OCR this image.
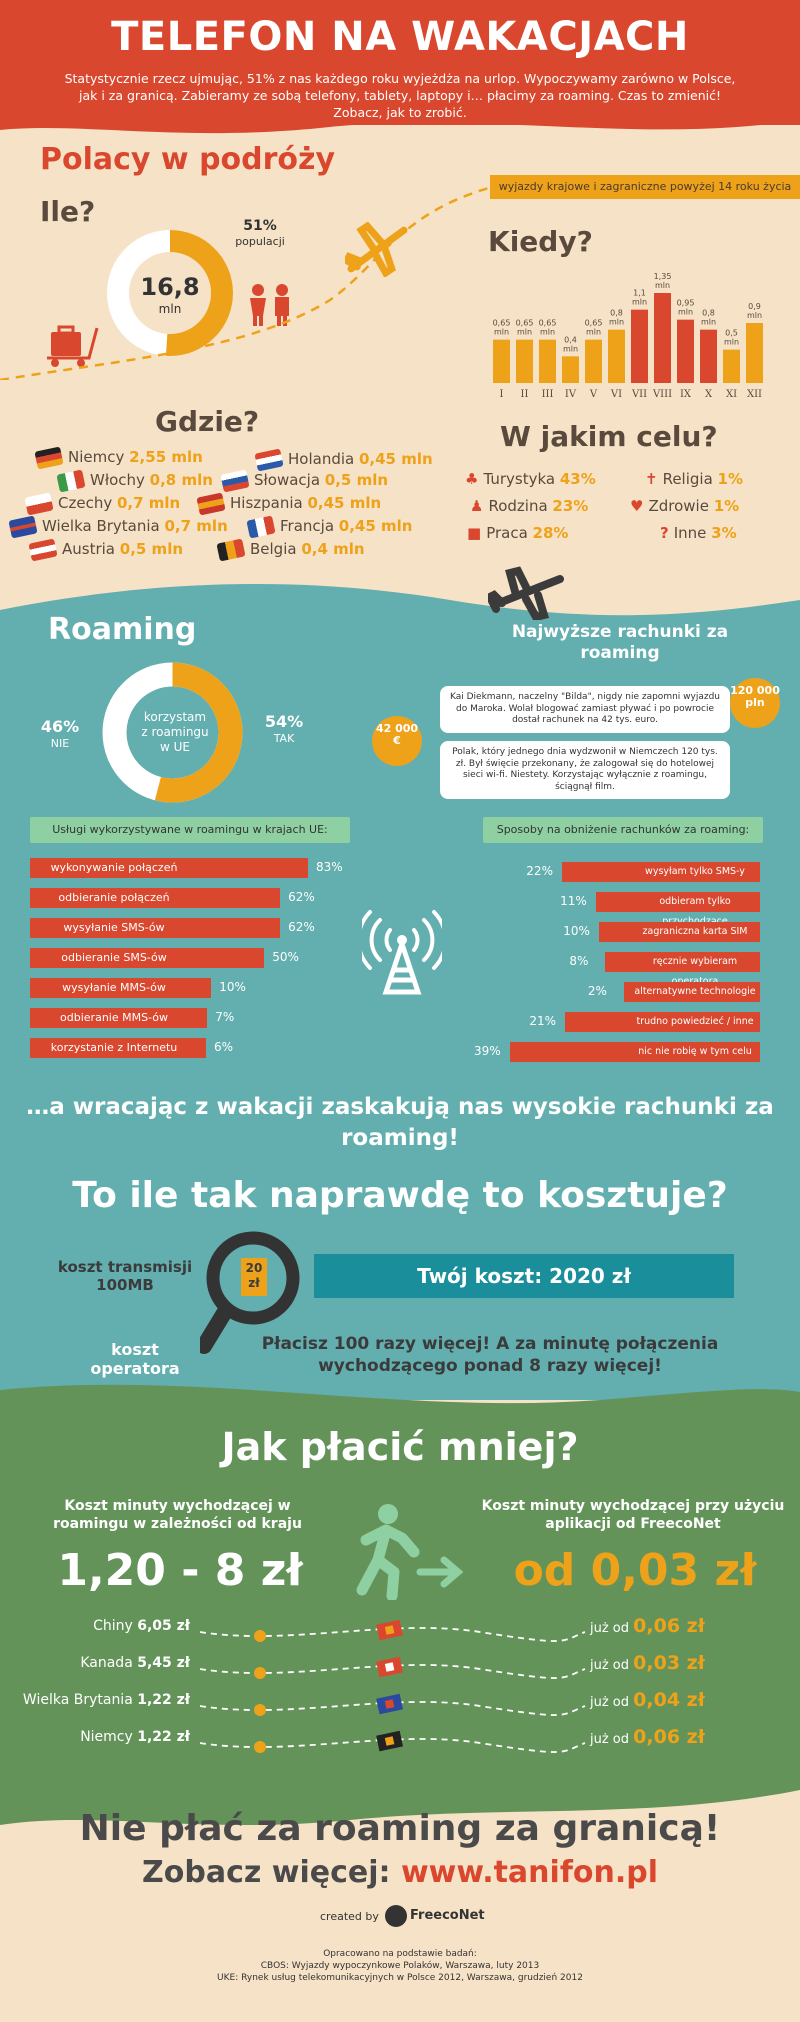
TELEFON NA WAKACJACH
Statystycznie rzecz ujmując, 51% z nas każdego roku wyjeżdża na urlop. Wypoczywamy zarówno w Polsce, jak i za granicą. Zabieramy ze sobą telefony, tablety, laptopy i… płacimy za roaming. Czas to zmienić! Zobacz, jak to zrobić.
Polacy w podróży
Ile?
16,8
mln
51%
populacji
wyjazdy krajowe i zagraniczne powyżej 14 roku życia
Kiedy?
0,65
mln
I
0,65
mln
II
0,65
mln
III
0,4
mln
IV
0,65
mln
V
0,8
mln
VI
1,1
mln
VII
1,35
mln
VIII
0,95
mln
IX
0,8
mln
X
0,5
mln
XI
0,9
mln
XII
Gdzie?
Niemcy 2,55 mln
Włochy 0,8 mln
Czechy 0,7 mln
Wielka Brytania 0,7 mln
Austria 0,5 mln
Holandia 0,45 mln
Słowacja 0,5 mln
Hiszpania 0,45 mln
Francja 0,45 mln
Belgia 0,4 mln
W jakim celu?
♣ Turystyka 43%
♟ Rodzina 23%
■ Praca 28%
✝ Religia 1%
♥ Zdrowie 1%
? Inne 3%
Roaming
korzystam z roamingu w UE
46%
NIE
54%
TAK
Najwyższe rachunki za roaming
Kai Diekmann, naczelny "Bilda", nigdy nie zapomni wyjazdu do Maroka. Wolał blogować zamiast pływać i po powrocie dostał rachunek na 42 tys. euro.
Polak, który jednego dnia wydzwonił w Niemczech 120 tys. zł. Był święcie przekonany, że zalogował się do hotelowej sieci wi-fi. Niestety. Korzystając wyłącznie z roamingu, ściągnął film.
120 000 pln
42 000 €
Usługi wykorzystywane w roamingu w krajach UE:	Sposoby na obniżenie rachunków za roaming:
wykonywanie połączeń	83%
odbieranie połączeń	62%
wysyłanie SMS-ów	62%
odbieranie SMS-ów	50%
wysyłanie MMS-ów	10%
odbieranie MMS-ów	7%
korzystanie z Internetu	6%
wysyłam tylko SMS-y
22%
odbieram tylko
11%
zagraniczna karta SIM
10%
ręcznie wybieram
8%
alternatywne technologie
2%
trudno powiedzieć / inne
21%
nic nie robię w tym celu
39%
…a wracając z wakacji zaskakują nas wysokie rachunki za roaming!
To ile tak naprawdę to kosztuje?
koszt transmisji 100MB	Twój koszt: 2020 zł
20 zł
koszt operatora
Płacisz 100 razy więcej! A za minutę połączenia wychodzącego ponad 8 razy więcej!
Jak płacić mniej?
Koszt minuty wychodzącej w roamingu w zależności od kraju
Koszt minuty wychodzącej przy użyciu aplikacji od FreecoNet
1,20 - 8 zł	od 0,03 zł
Chiny 6,05 zł	już od 0,06 zł
Kanada 5,45 zł	już od 0,03 zł
Wielka Brytania 1,22 zł	już od 0,04 zł
Niemcy 1,22 zł	już od 0,06 zł
Nie płać za roaming za granicą!
Zobacz więcej: www.tanifon.pl
created by	FreecoNet
Opracowano na podstawie badań:
CBOS: Wyjazdy wypoczynkowe Polaków, Warszawa, luty 2013
UKE: Rynek usług telekomunikacyjnych w Polsce 2012, Warszawa, grudzień 2012
